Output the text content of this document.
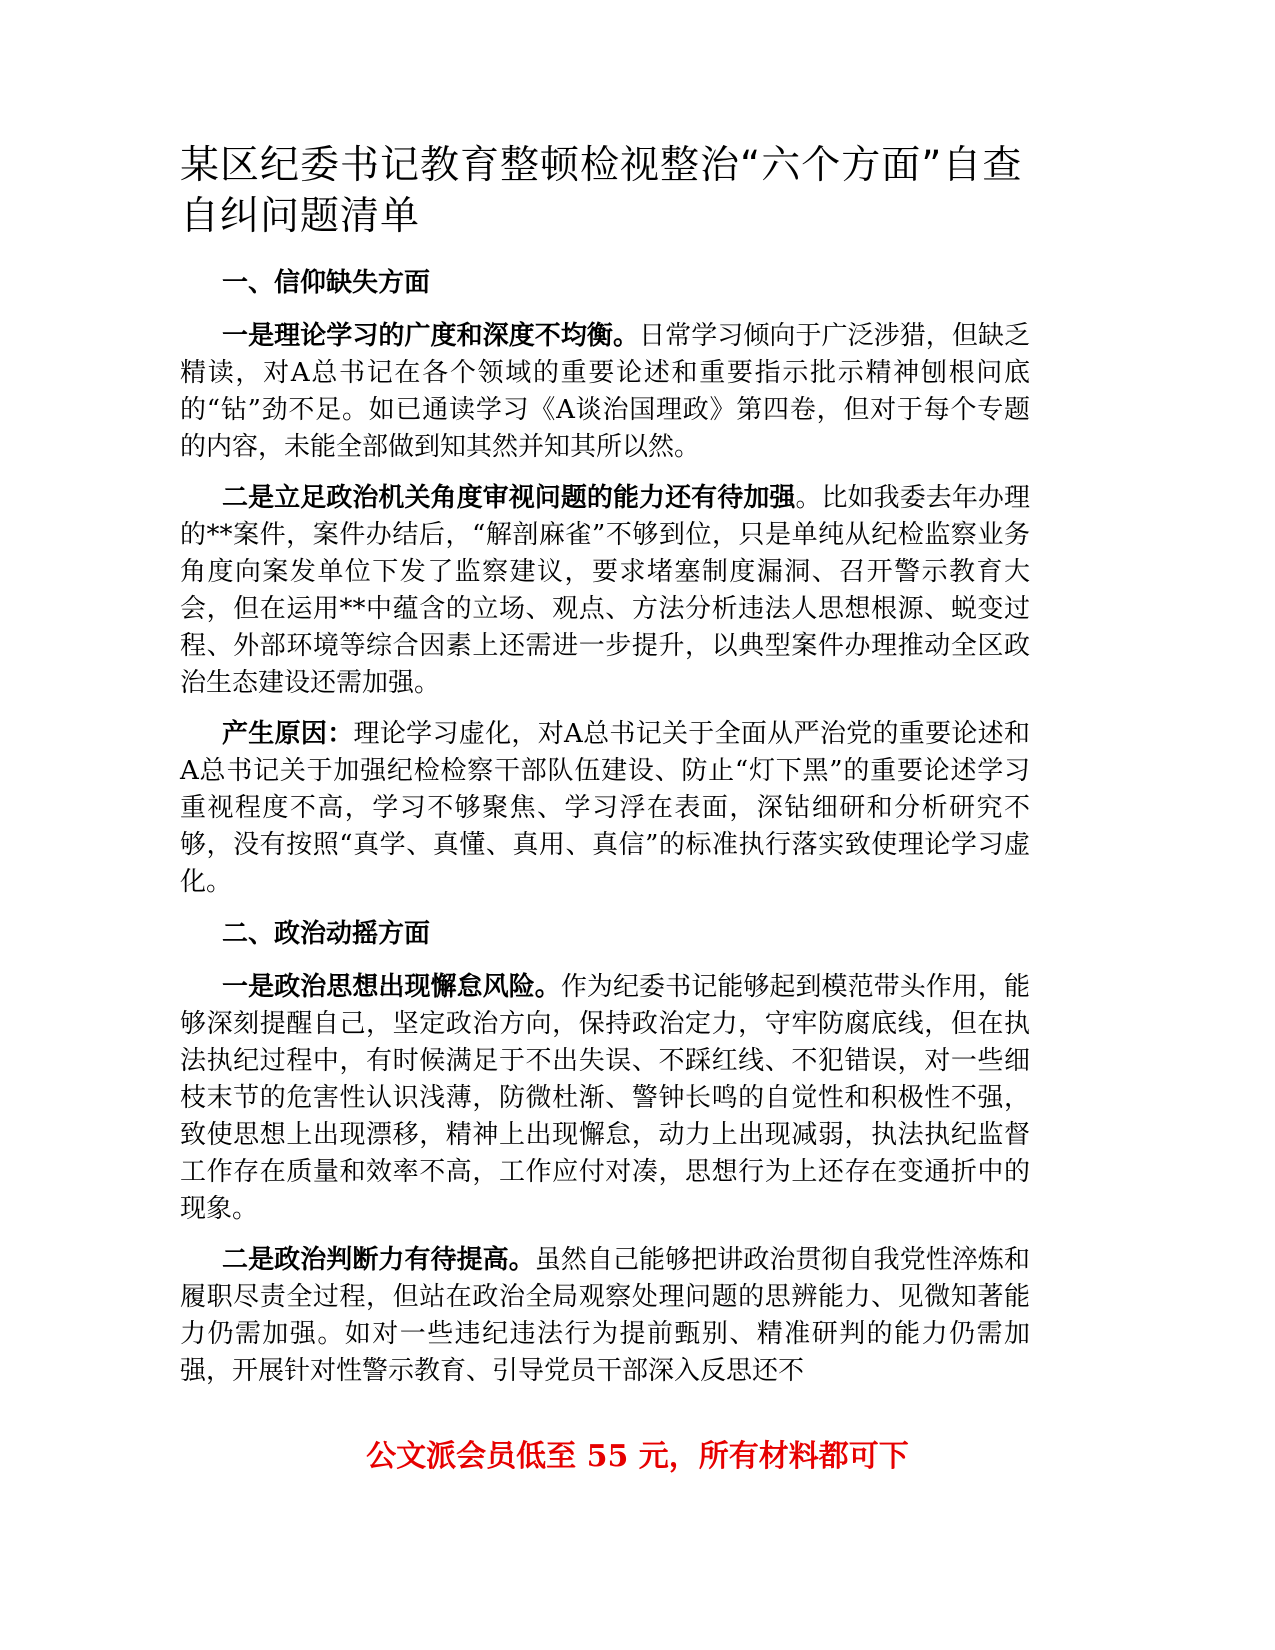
某区纪委书记教育整顿检视整治“六个方面”自查自纠问题清单
一、信仰缺失方面

一是理论学习的广度和深度不均衡。日常学习倾向于广泛涉猎，但缺乏精读，对A总书记在各个领域的重要论述和重要指示批示精神刨根问底的“钻”劲不足。如已通读学习《A谈治国理政》第四卷，但对于每个专题的内容，未能全部做到知其然并知其所以然。

二是立足政治机关角度审视问题的能力还有待加强。比如我委去年办理的**案件，案件办结后，“解剖麻雀”不够到位，只是单纯从纪检监察业务角度向案发单位下发了监察建议，要求堵塞制度漏洞、召开警示教育大会，但在运用**中蕴含的立场、观点、方法分析违法人思想根源、蜕变过程、外部环境等综合因素上还需进一步提升，以典型案件办理推动全区政治生态建设还需加强。

产生原因：理论学习虚化，对A总书记关于全面从严治党的重要论述和A总书记关于加强纪检检察干部队伍建设、防止“灯下黑”的重要论述学习重视程度不高，学习不够聚焦、学习浮在表面，深钻细研和分析研究不够，没有按照“真学、真懂、真用、真信”的标准执行落实致使理论学习虚化。

二、政治动摇方面

一是政治思想出现懈怠风险。作为纪委书记能够起到模范带头作用，能够深刻提醒自己，坚定政治方向，保持政治定力，守牢防腐底线，但在执法执纪过程中，有时候满足于不出失误、不踩红线、不犯错误，对一些细枝末节的危害性认识浅薄，防微杜渐、警钟长鸣的自觉性和积极性不强，致使思想上出现漂移，精神上出现懈怠，动力上出现减弱，执法执纪监督工作存在质量和效率不高，工作应付对凑，思想行为上还存在变通折中的现象。

二是政治判断力有待提高。虽然自己能够把讲政治贯彻自我党性淬炼和履职尽责全过程，但站在政治全局观察处理问题的思辨能力、见微知著能力仍需加强。如对一些违纪违法行为提前甄别、精准研判的能力仍需加强，开展针对性警示教育、引导党员干部深入反思还不

公文派会员低至 55 元，所有材料都可下
